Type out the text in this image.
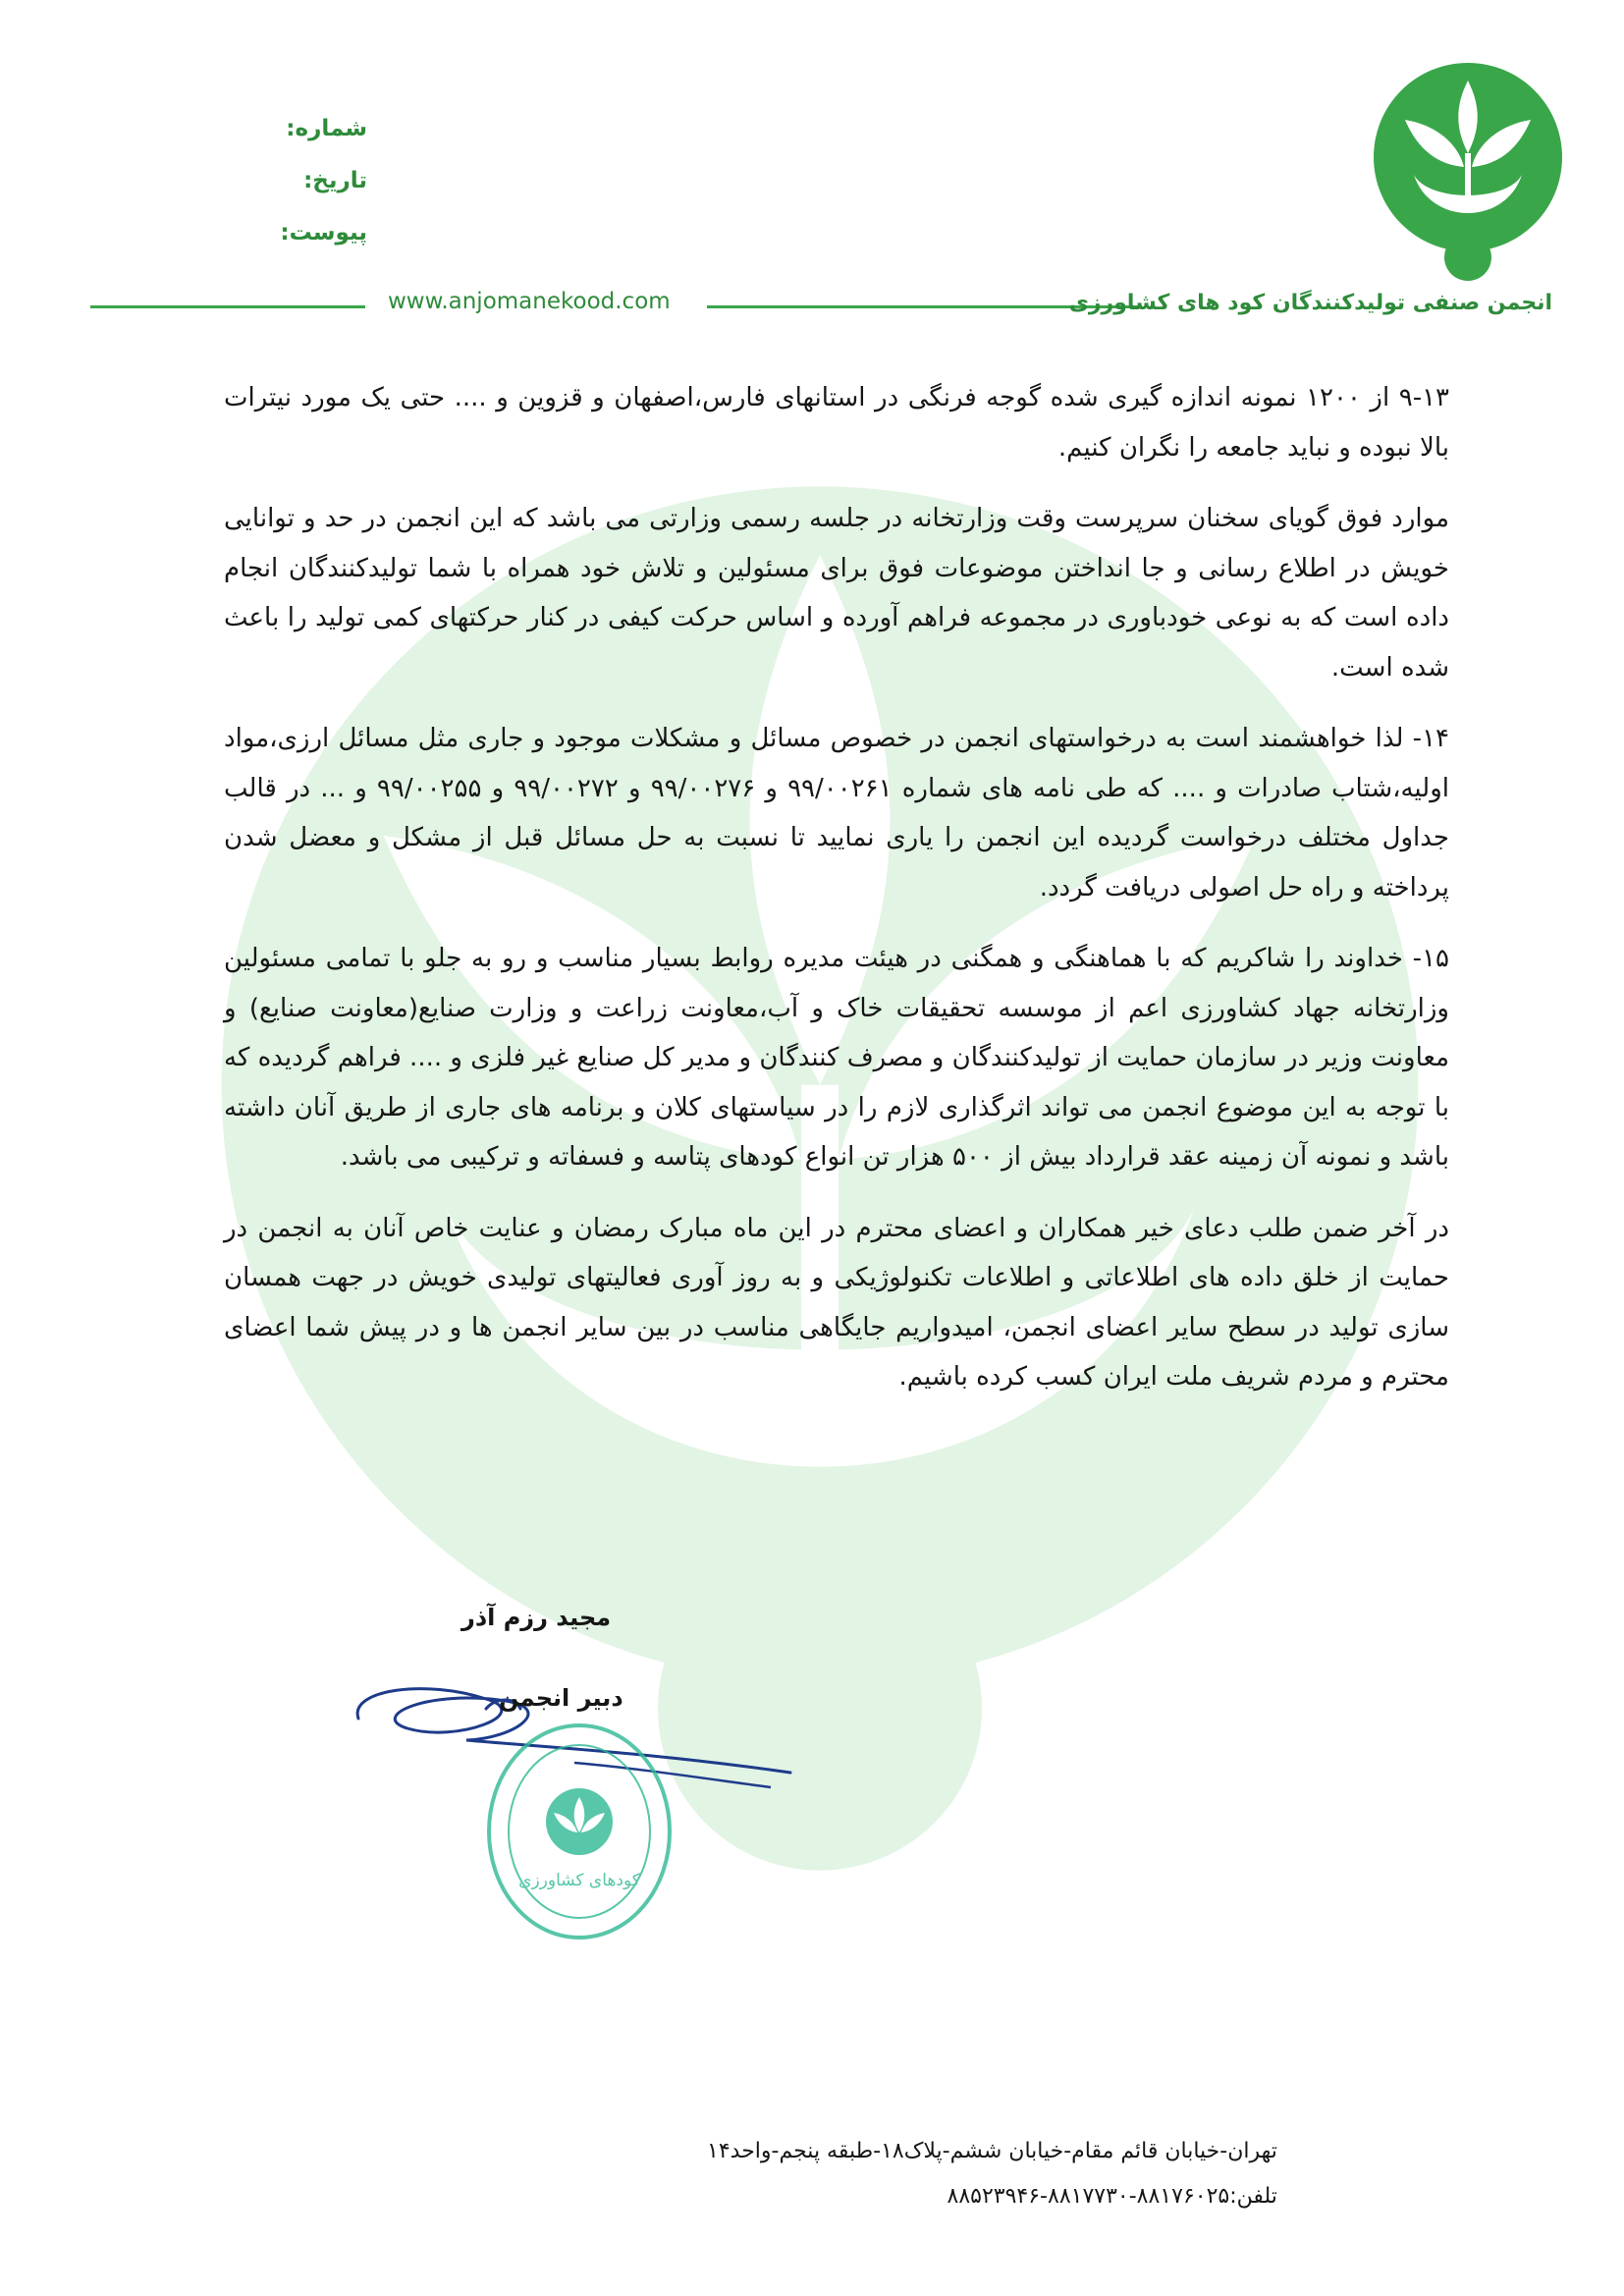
شماره:
تاریخ:
پیوست:
www.anjomanekood.com	انجمن صنفی تولیدکنندگان کود های کشاورزی

۹-۱۳ از ۱۲۰۰ نمونه اندازه گیری شده گوجه فرنگی در استانهای فارس،اصفهان و قزوین و .... حتی یک مورد نیترات بالا نبوده و نباید جامعه را نگران کنیم.

موارد فوق گویای سخنان سرپرست وقت وزارتخانه در جلسه رسمی وزارتی می باشد که این انجمن در حد و توانایی خویش در اطلاع رسانی و جا انداختن موضوعات فوق برای مسئولین و تلاش خود همراه با شما تولیدکنندگان انجام داده است که به نوعی خودباوری در مجموعه فراهم آورده و اساس حرکت کیفی در کنار حرکتهای کمی تولید را باعث شده است.

۱۴- لذا خواهشمند است به درخواستهای انجمن در خصوص مسائل و مشکلات موجود و جاری مثل مسائل ارزی،مواد اولیه،شتاب صادرات و .... که طی نامه های شماره ۹۹/۰۰۲۶۱ و ۹۹/۰۰۲۷۶ و ۹۹/۰۰۲۷۲ و ۹۹/۰۰۲۵۵ و ... در قالب جداول مختلف درخواست گردیده این انجمن را یاری نمایید تا نسبت به حل مسائل قبل از مشکل و معضل شدن پرداخته و راه حل اصولی دریافت گردد.

۱۵- خداوند را شاکریم که با هماهنگی و همگنی در هیئت مدیره روابط بسیار مناسب و رو به جلو با تمامی مسئولین وزارتخانه جهاد کشاورزی اعم از موسسه تحقیقات خاک و آب،معاونت زراعت و وزارت صنایع(معاونت صنایع) و معاونت وزیر در سازمان حمایت از تولیدکنندگان و مصرف کنندگان و مدیر کل صنایع غیر فلزی و .... فراهم گردیده که با توجه به این موضوع انجمن می تواند اثرگذاری لازم را در سیاستهای کلان و برنامه های جاری از طریق آنان داشته باشد و نمونه آن زمینه عقد قرارداد بیش از ۵۰۰ هزار تن انواع کودهای پتاسه و فسفاته و ترکیبی می باشد.

در آخر ضمن طلب دعای خیر همکاران و اعضای محترم در این ماه مبارک رمضان و عنایت خاص آنان به انجمن در حمایت از خلق داده های اطلاعاتی و اطلاعات تکنولوژیکی و به روز آوری فعالیتهای تولیدی خویش در جهت همسان سازی تولید در سطح سایر اعضای انجمن، امیدواریم جایگاهی مناسب در بین سایر انجمن ها و در پیش شما اعضای محترم و مردم شریف ملت ایران کسب کرده باشیم.

مجید رزم آذر
دبیر انجمن
کودهای کشاورزی
تهران-خیابان قائم مقام-خیابان ششم-پلاک۱۸-طبقه پنجم-واحد۱۴
تلفن:۸۸۱۷۶۰۲۵-۸۸۱۷۷۳۰-۸۸۵۲۳۹۴۶
